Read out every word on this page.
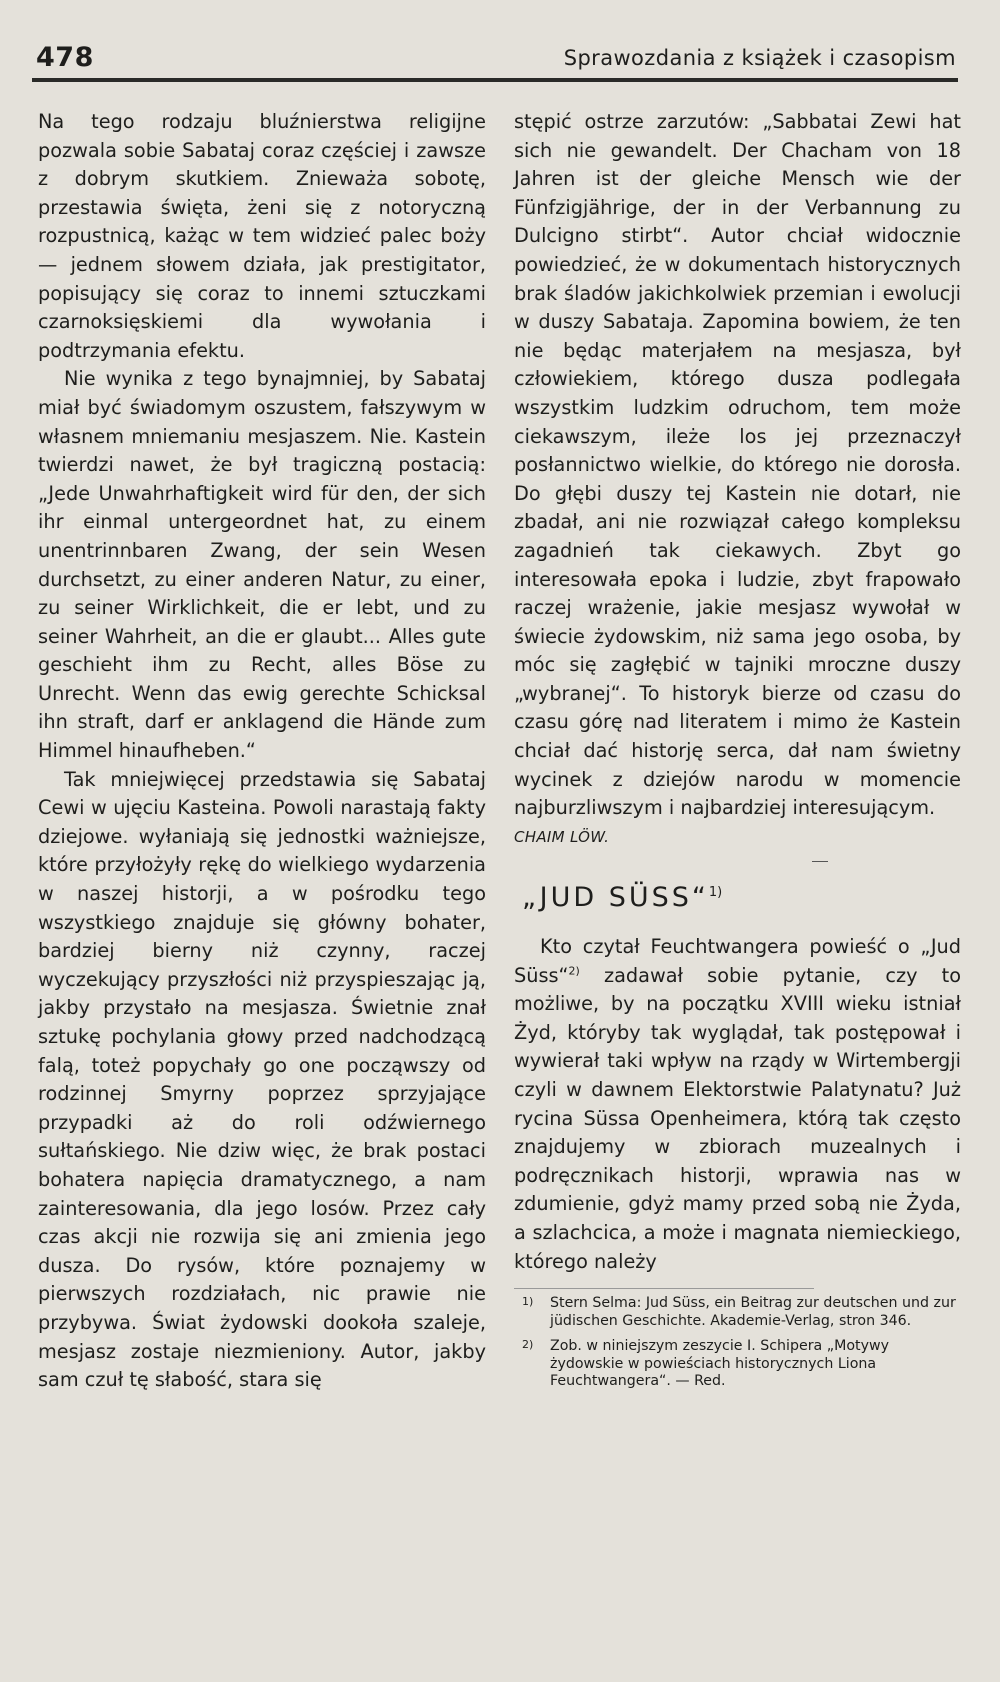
478	Sprawozdania z książek i czasopism

Na tego rodzaju bluźnierstwa religijne pozwala sobie Sabataj coraz częściej i zawsze z dobrym skutkiem. Znieważa sobotę, przestawia święta, żeni się z notoryczną rozpustnicą, każąc w tem widzieć palec boży — jednem słowem działa, jak prestigitator, popisujący się coraz to innemi sztuczkami czarnoksięskiemi dla wywołania i podtrzymania efektu.

Nie wynika z tego bynajmniej, by Sabataj miał być świadomym oszustem, fałszywym w własnem mniemaniu mesjaszem. Nie. Kastein twierdzi nawet, że był tragiczną postacią: „Jede Unwahrhaftigkeit wird für den, der sich ihr einmal untergeordnet hat, zu einem unentrinnbaren Zwang, der sein Wesen durchsetzt, zu einer anderen Natur, zu einer, zu seiner Wirklichkeit, die er lebt, und zu seiner Wahrheit, an die er glaubt... Alles gute geschieht ihm zu Recht, alles Böse zu Unrecht. Wenn das ewig gerechte Schicksal ihn straft, darf er anklagend die Hände zum Himmel hinaufheben.“

Tak mniejwięcej przedstawia się Sabataj Cewi w ujęciu Kasteina. Powoli narastają fakty dziejowe. wyłaniają się jednostki ważniejsze, które przyłożyły rękę do wielkiego wydarzenia w naszej historji, a w pośrodku tego wszystkiego znajduje się główny bohater, bardziej bierny niż czynny, raczej wyczekujący przyszłości niż przyspieszając ją, jakby przystało na mesjasza. Świetnie znał sztukę pochylania głowy przed nadchodzącą falą, toteż popychały go one począwszy od rodzinnej Smyrny poprzez sprzyjające przypadki aż do roli odźwiernego sułtańskiego. Nie dziw więc, że brak postaci bohatera napięcia dramatycznego, a nam zainteresowania, dla jego losów. Przez cały czas akcji nie rozwija się ani zmienia jego dusza. Do rysów, które poznajemy w pierwszych rozdziałach, nic prawie nie przybywa. Świat żydowski dookoła szaleje, mesjasz zostaje niezmieniony. Autor, jakby sam czuł tę słabość, stara się

stępić ostrze zarzutów: „Sabbatai Zewi hat sich nie gewandelt. Der Chacham von 18 Jahren ist der gleiche Mensch wie der Fünfzigjährige, der in der Verbannung zu Dulcigno stirbt“. Autor chciał widocznie powiedzieć, że w dokumentach historycznych brak śladów jakichkolwiek przemian i ewolucji w duszy Sabataja. Zapomina bowiem, że ten nie będąc materjałem na mesjasza, był człowiekiem, którego dusza podlegała wszystkim ludzkim odruchom, tem może ciekawszym, ileże los jej przeznaczył posłannictwo wielkie, do którego nie dorosła. Do głębi duszy tej Kastein nie dotarł, nie zbadał, ani nie rozwiązał całego kompleksu zagadnień tak ciekawych. Zbyt go interesowała epoka i ludzie, zbyt frapowało raczej wrażenie, jakie mesjasz wywołał w świecie żydowskim, niż sama jego osoba, by móc się zagłębić w tajniki mroczne duszy „wybranej“. To historyk bierze od czasu do czasu górę nad literatem i mimo że Kastein chciał dać historję serca, dał nam świetny wycinek z dziejów narodu w momencie najburzliwszym i najbardziej interesującym.

CHAIM LÖW.

„JUD SÜSS“$^{1)}$

Kto czytał Feuchtwangera powieść o „Jud Süss“$^{2)}$ zadawał sobie pytanie, czy to możliwe, by na początku XVIII wieku istniał Żyd, któryby tak wyglądał, tak postępował i wywierał taki wpływ na rządy w Wirtembergji czyli w dawnem Elektorstwie Palatynatu? Już rycina Süssa Openheimera, którą tak często znajdujemy w zbiorach muzealnych i podręcznikach historji, wprawia nas w zdumienie, gdyż mamy przed sobą nie Żyda, a szlachcica, a może i magnata niemieckiego, którego należy

1) Stern Selma: Jud Süss, ein Beitrag zur deutschen und zur jüdischen Geschichte. Akademie-Verlag, stron 346.
2) Zob. w niniejszym zeszycie I. Schipera „Motywy żydowskie w powieściach historycznych Liona Feuchtwangera“. — Red.
